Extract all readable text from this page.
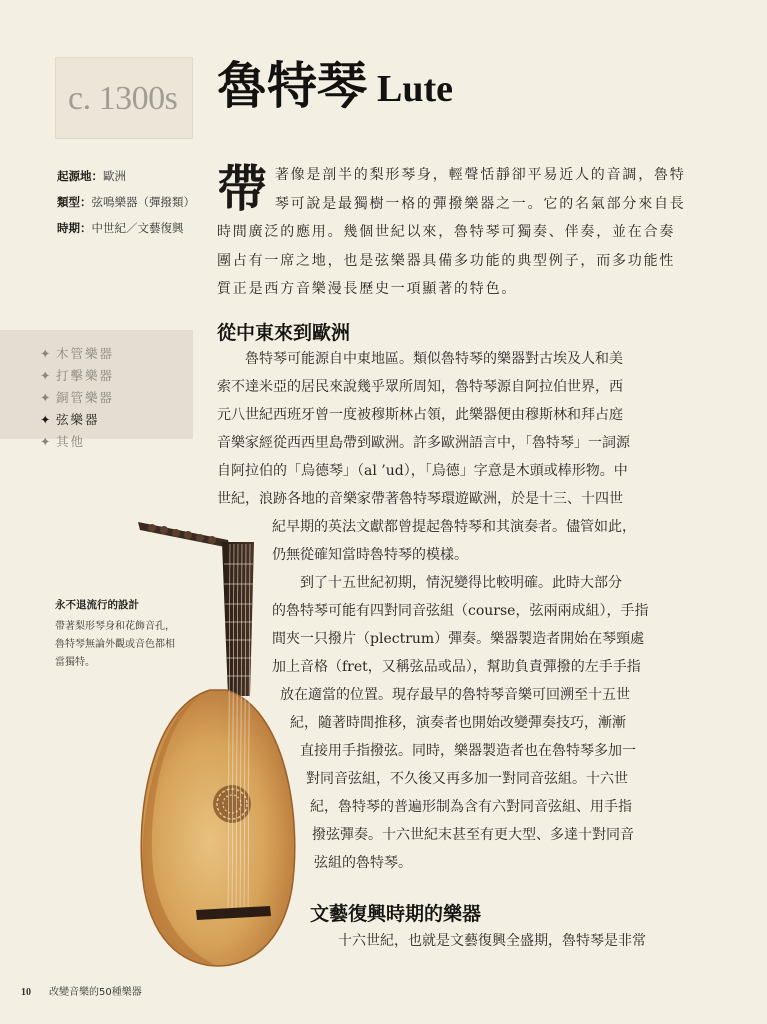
c. 1300s 魯特琴 Lute
起源地：歐洲
類型：弦鳴樂器（彈撥類）
時期：中世紀／文藝復興
帶著像是剖半的梨形琴身，輕聲恬靜卻平易近人的音調，魯特琴可說是最獨樹一格的彈撥樂器之一。它的名氣部分來自長時間廣泛的應用。幾個世紀以來，魯特琴可獨奏、伴奏，並在合奏團占有一席之地，也是弦樂器具備多功能的典型例子，而多功能性質正是西方音樂漫長歷史一項顯著的特色。
✦ 木管樂器
✦ 打擊樂器
✦ 銅管樂器
✦ 弦樂器
✦ 其他
從中東來到歐洲
　　魯特琴可能源自中東地區。類似魯特琴的樂器對古埃及人和美
索不達米亞的居民來說幾乎眾所周知，魯特琴源自阿拉伯世界，西
元八世紀西班牙曾一度被穆斯林占領，此樂器便由穆斯林和拜占庭
音樂家經從西西里島帶到歐洲。許多歐洲語言中，「魯特琴」一詞源
自阿拉伯的「烏德琴」（al ’ud），「烏德」字意是木頭或棒形物。中
世紀，浪跡各地的音樂家帶著魯特琴環遊歐洲，於是十三、十四世
紀早期的英法文獻都曾提起魯特琴和其演奏者。儘管如此，
仍無從確知當時魯特琴的模樣。
　　到了十五世紀初期，情況變得比較明確。此時大部分
的魯特琴可能有四對同音弦組（course，弦兩兩成組），手指
間夾一只撥片（plectrum）彈奏。樂器製造者開始在琴頸處
加上音格（fret，又稱弦品或品），幫助負責彈撥的左手手指
放在適當的位置。現存最早的魯特琴音樂可回溯至十五世
紀，隨著時間推移，演奏者也開始改變彈奏技巧，漸漸
直接用手指撥弦。同時，樂器製造者也在魯特琴多加一
對同音弦組，不久後又再多加一對同音弦組。十六世
紀，魯特琴的普遍形制為含有六對同音弦組、用手指
撥弦彈奏。十六世紀末甚至有更大型、多達十對同音
弦組的魯特琴。
文藝復興時期的樂器
　　十六世紀，也就是文藝復興全盛期，魯特琴是非常
永不退流行的設計
帶著梨形琴身和花飾音孔，
魯特琴無論外觀或音色都相
當獨特。
10 改變音樂的50種樂器
